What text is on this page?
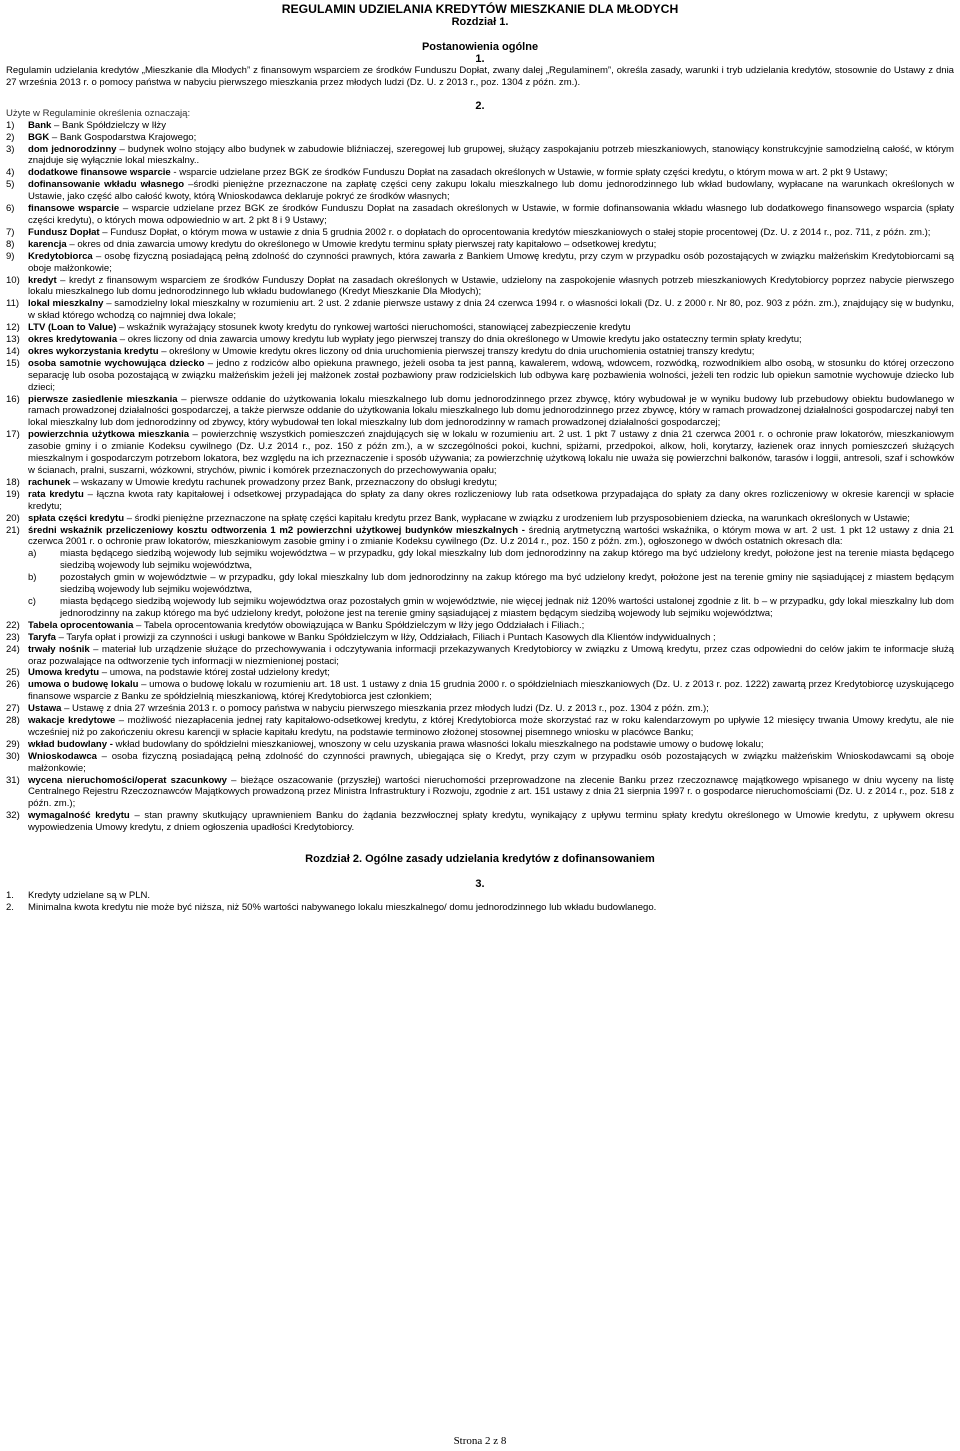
REGULAMIN UDZIELANIA KREDYTÓW MIESZKANIE DLA MŁODYCH
Rozdział 1.
Postanowienia ogólne
1.

Regulamin udzielania kredytów „Mieszkanie dla Młodych” z finansowym wsparciem ze środków Funduszu Dopłat, zwany dalej „Regulaminem”, określa zasady, warunki i tryb udzielania kredytów, stosownie do Ustawy z dnia 27 września 2013 r. o pomocy państwa w nabyciu pierwszego mieszkania przez młodych ludzi (Dz. U. z 2013 r., poz. 1304 z późn. zm.).

2.

Użyte w Regulaminie określenia oznaczają:

1) Bank – Bank Spółdzielczy w Iłży
2) BGK – Bank Gospodarstwa Krajowego;
3) dom jednorodzinny – budynek wolno stojący albo budynek w zabudowie bliźniaczej, szeregowej lub grupowej, służący zaspokajaniu potrzeb mieszkaniowych, stanowiący konstrukcyjnie samodzielną całość, w którym znajduje się wyłącznie lokal mieszkalny..
4) dodatkowe finansowe wsparcie - wsparcie udzielane przez BGK ze środków Funduszu Dopłat na zasadach określonych w Ustawie, w formie spłaty części kredytu, o którym mowa w art. 2 pkt 9 Ustawy;
5) dofinansowanie wkładu własnego –środki pieniężne przeznaczone na zapłatę części ceny zakupu lokalu mieszkalnego lub domu jednorodzinnego lub wkład budowlany, wypłacane na warunkach określonych w Ustawie, jako część albo całość kwoty, którą Wnioskodawca deklaruje pokryć ze środków własnych;
6) finansowe wsparcie – wsparcie udzielane przez BGK ze środków Funduszu Dopłat na zasadach określonych w Ustawie, w formie dofinansowania wkładu własnego lub dodatkowego finansowego wsparcia (spłaty części kredytu), o których mowa odpowiednio w art. 2 pkt 8 i 9 Ustawy;
7) Fundusz Dopłat – Fundusz Dopłat, o którym mowa w ustawie z dnia 5 grudnia 2002 r. o dopłatach do oprocentowania kredytów mieszkaniowych o stałej stopie procentowej (Dz. U. z 2014 r., poz. 711, z późn. zm.);
8) karencja – okres od dnia zawarcia umowy kredytu do określonego w Umowie kredytu terminu spłaty pierwszej raty kapitałowo – odsetkowej kredytu;
9) Kredytobiorca – osobę fizyczną posiadającą pełną zdolność do czynności prawnych, która zawarła z Bankiem Umowę kredytu, przy czym w przypadku osób pozostających w związku małżeńskim Kredytobiorcami są oboje małżonkowie;
10) kredyt – kredyt z finansowym wsparciem ze środków Funduszy Dopłat na zasadach określonych w Ustawie, udzielony na zaspokojenie własnych potrzeb mieszkaniowych Kredytobiorcy poprzez nabycie pierwszego lokalu mieszkalnego lub domu jednorodzinnego lub wkładu budowlanego (Kredyt Mieszkanie Dla Młodych);
11) lokal mieszkalny – samodzielny lokal mieszkalny w rozumieniu art. 2 ust. 2 zdanie pierwsze ustawy z dnia 24 czerwca 1994 r. o własności lokali (Dz. U. z 2000 r. Nr 80, poz. 903 z późn. zm.), znajdujący się w budynku, w skład którego wchodzą co najmniej dwa lokale;
12) LTV (Loan to Value) – wskaźnik wyrażający stosunek kwoty kredytu do rynkowej wartości nieruchomości, stanowiącej zabezpieczenie kredytu
13) okres kredytowania – okres liczony od dnia zawarcia umowy kredytu lub wypłaty jego pierwszej transzy do dnia określonego w Umowie kredytu jako ostateczny termin spłaty kredytu;
14) okres wykorzystania kredytu – określony w Umowie kredytu okres liczony od dnia uruchomienia pierwszej transzy kredytu do dnia uruchomienia ostatniej transzy kredytu;
15) osoba samotnie wychowująca dziecko – jedno z rodziców albo opiekuna prawnego, jeżeli osoba ta jest panną, kawalerem, wdową, wdowcem, rozwódką, rozwodnikiem albo osobą, w stosunku do której orzeczono separację lub osoba pozostającą w związku małżeńskim jeżeli jej małżonek został pozbawiony praw rodzicielskich lub odbywa karę pozbawienia wolności, jeżeli ten rodzic lub opiekun samotnie wychowuje dziecko lub dzieci;
16) pierwsze zasiedlenie mieszkania – pierwsze oddanie do użytkowania lokalu mieszkalnego lub domu jednorodzinnego przez zbywcę, który wybudował je w wyniku budowy lub przebudowy obiektu budowlanego w ramach prowadzonej działalności gospodarczej, a także pierwsze oddanie do użytkowania lokalu mieszkalnego lub domu jednorodzinnego przez zbywcę, który w ramach prowadzonej działalności gospodarczej nabył ten lokal mieszkalny lub dom jednorodzinny od zbywcy, który wybudował ten lokal mieszkalny lub dom jednorodzinny w ramach prowadzonej działalności gospodarczej;
17) powierzchnia użytkowa mieszkania – powierzchnię wszystkich pomieszczeń znajdujących się w lokalu w rozumieniu art. 2 ust. 1 pkt 7 ustawy z dnia 21 czerwca 2001 r. o ochronie praw lokatorów, mieszkaniowym zasobie gminy i o zmianie Kodeksu cywilnego (Dz. U.z 2014 r., poz. 150 z późn zm.), a w szczególności pokoi, kuchni, spiżarni, przedpokoi, alkow, holi, korytarzy, łazienek oraz innych pomieszczeń służących mieszkalnym i gospodarczym potrzebom lokatora, bez względu na ich przeznaczenie i sposób używania; za powierzchnię użytkową lokalu nie uważa się powierzchni balkonów, tarasów i loggii, antresoli, szaf i schowków w ścianach, pralni, suszarni, wózkowni, strychów, piwnic i komórek przeznaczonych do przechowywania opału;
18) rachunek – wskazany w Umowie kredytu rachunek prowadzony przez Bank, przeznaczony do obsługi kredytu;
19) rata kredytu – łączna kwota raty kapitałowej i odsetkowej przypadająca do spłaty za dany okres rozliczeniowy lub rata odsetkowa przypadająca do spłaty za dany okres rozliczeniowy w okresie karencji w spłacie kredytu;
20) spłata części kredytu – środki pieniężne przeznaczone na spłatę części kapitału kredytu przez Bank, wypłacane w związku z urodzeniem lub przysposobieniem dziecka, na warunkach określonych w Ustawie;
21) średni wskaźnik przeliczeniowy kosztu odtworzenia 1 m2 powierzchni użytkowej budynków mieszkalnych - średnią arytmetyczną wartości wskaźnika, o którym mowa w art. 2 ust. 1 pkt 12 ustawy z dnia 21 czerwca 2001 r. o ochronie praw lokatorów, mieszkaniowym zasobie gminy i o zmianie Kodeksu cywilnego (Dz. U.z 2014 r., poz. 150 z późn. zm.), ogłoszonego w dwóch ostatnich okresach dla:
a) miasta będącego siedzibą wojewody lub sejmiku województwa – w przypadku, gdy lokal mieszkalny lub dom jednorodzinny na zakup którego ma być udzielony kredyt, położone jest na terenie miasta będącego siedzibą wojewody lub sejmiku województwa,
b) pozostałych gmin w województwie – w przypadku, gdy lokal mieszkalny lub dom jednorodzinny na zakup którego ma być udzielony kredyt, położone jest na terenie gminy nie sąsiadującej z miastem będącym siedzibą wojewody lub sejmiku województwa,
c)	miasta będącego siedzibą wojewody lub sejmiku województwa oraz pozostałych gmin w województwie, nie więcej jednak niż 120% wartości ustalonej zgodnie z lit. b – w przypadku, gdy lokal mieszkalny lub dom jednorodzinny na zakup którego ma być udzielony kredyt, położone jest na terenie gminy sąsiadującej z miastem będącym siedzibą wojewody lub sejmiku województwa;
22) Tabela oprocentowania – Tabela oprocentowania kredytów obowiązująca w Banku Spółdzielczym w Iłży jego Oddziałach i Filiach.;
23) Taryfa – Taryfa opłat i prowizji za czynności i usługi bankowe w Banku Spółdzielczym w Iłży, Oddziałach, Filiach i Puntach Kasowych dla Klientów indywidualnych ;
24) trwały nośnik – materiał lub urządzenie służące do przechowywania i odczytywania informacji przekazywanych Kredytobiorcy w związku z Umową kredytu, przez czas odpowiedni do celów jakim te informacje służą oraz pozwalające na odtworzenie tych informacji w niezmienionej postaci;
25) Umowa kredytu – umowa, na podstawie której został udzielony kredyt;
26) umowa o budowę lokalu – umowa o budowę lokalu w rozumieniu art. 18 ust. 1 ustawy z dnia 15 grudnia 2000 r. o spółdzielniach mieszkaniowych (Dz. U. z 2013 r. poz. 1222) zawartą przez Kredytobiorcę uzyskującego finansowe wsparcie z Banku ze spółdzielnią mieszkaniową, której Kredytobiorca jest członkiem;
27) Ustawa – Ustawę z dnia 27 września 2013 r. o pomocy państwa w nabyciu pierwszego mieszkania przez młodych ludzi (Dz. U. z 2013 r., poz. 1304 z późn. zm.);
28) wakacje kredytowe – możliwość niezapłacenia jednej raty kapitałowo-odsetkowej kredytu, z której Kredytobiorca może skorzystać raz w roku kalendarzowym po upływie 12 miesięcy trwania Umowy kredytu, ale nie wcześniej niż po zakończeniu okresu karencji w spłacie kapitału kredytu, na podstawie terminowo złożonej stosownej pisemnego wniosku w placówce Banku;
29) wkład budowlany - wkład budowlany do spółdzielni mieszkaniowej, wnoszony w celu uzyskania prawa własności lokalu mieszkalnego na podstawie umowy o budowę lokalu;
30) Wnioskodawca – osoba fizyczną posiadającą pełną zdolność do czynności prawnych, ubiegająca się o Kredyt, przy czym w przypadku osób pozostających w związku małżeńskim Wnioskodawcami są oboje małżonkowie;
31) wycena nieruchomości/operat szacunkowy – bieżące oszacowanie (przyszłej) wartości nieruchomości przeprowadzone na zlecenie Banku przez rzeczoznawcę majątkowego wpisanego w dniu wyceny na listę Centralnego Rejestru Rzeczoznawców Majątkowych prowadzoną przez Ministra Infrastruktury i Rozwoju, zgodnie z art. 151 ustawy z dnia 21 sierpnia 1997 r. o gospodarce nieruchomościami (Dz. U. z 2014 r., poz. 518 z późn. zm.);
32) wymagalność kredytu – stan prawny skutkujący uprawnieniem Banku do żądania bezzwłocznej spłaty kredytu, wynikający z upływu terminu spłaty kredytu określonego w Umowie kredytu, z upływem okresu wypowiedzenia Umowy kredytu, z dniem ogłoszenia upadłości Kredytobiorcy.
Rozdział 2. Ogólne zasady udzielania kredytów z dofinansowaniem
3.
1. Kredyty udzielane są w PLN.
2. Minimalna kwota kredytu nie może być niższa, niż 50% wartości nabywanego lokalu mieszkalnego/ domu jednorodzinnego lub wkładu budowlanego.
Strona 2 z 8
